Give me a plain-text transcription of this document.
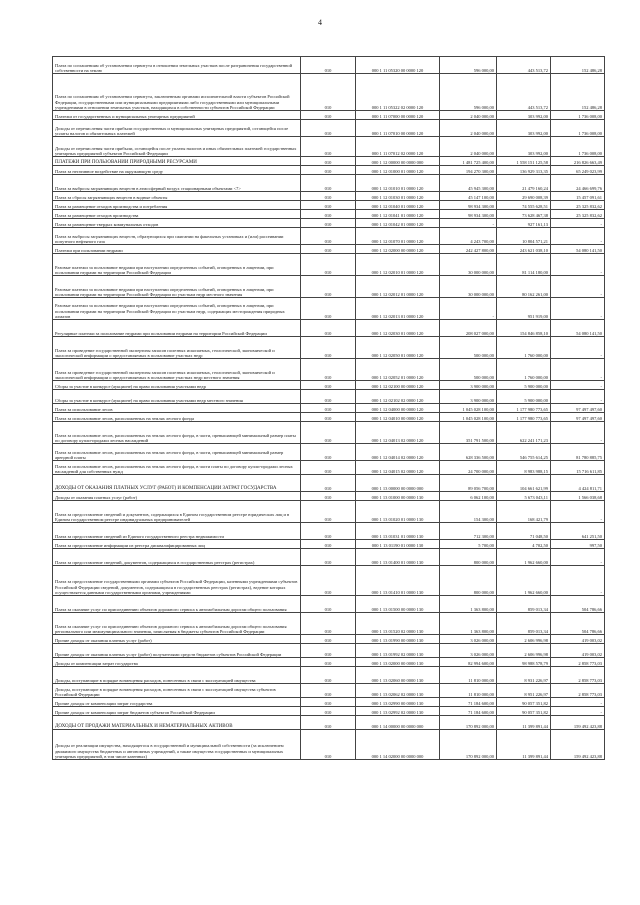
4
Плата по соглашениям об установлении сервитута в отношении земельных участков после разграничения государственной собственности на землю	010	000 1 11 05320 00 0000 120	596 000,00	443 513,72	152 486,28
Плата по соглашениям об установлении сервитута, заключенным органами исполнительной власти субъектов Российской Федерации, государственными или муниципальными предприятиями либо государственными или муниципальными учреждениями в отношении земельных участков, находящихся в собственности субъектов Российской Федерации	010	000 1 11 05322 02 0000 120	596 000,00	443 513,72	152 486,28
Платежи от государственных и муниципальных унитарных предприятий	010	000 1 11 07000 00 0000 120	2 040 000,00	303 992,00	1 736 008,00
Доходы от перечисления части прибыли государственных и муниципальных унитарных предприятий, остающейся после уплаты налогов и обязательных платежей	010	000 1 11 07010 00 0000 120	2 040 000,00	303 992,00	1 736 008,00
Доходы от перечисления части прибыли, остающейся после уплаты налогов и иных обязательных платежей государственных унитарных предприятий субъектов Российской Федерации	010	000 1 11 07012 02 0000 120	2 040 000,00	303 992,00	1 736 008,00
ПЛАТЕЖИ ПРИ ПОЛЬЗОВАНИИ ПРИРОДНЫМИ РЕСУРСАМИ	010	000 1 12 00000 00 0000 000	1 481 725 400,00	1 558 151 125,58	216 826 663,49
Плата за негативное воздействие на окружающую среду	010	000 1 12 01000 01 0000 120	194 270 300,00	136 929 313,35	65 249 023,99
Плата за выбросы загрязняющих веществ в атмосферный воздух стационарными объектами <7>	010	000 1 12 01010 01 0000 120	45 945 300,00	21 479 160,24	24 466 699,76
Плата за сбросы загрязняющих веществ в водные объекты	010	000 1 12 01030 01 0000 120	45 147 100,00	29 690 008,39	15 457 091,61
Плата за размещение отходов производства и потребления	010	000 1 12 01040 01 0000 120	98 934 300,00	74 555 628,51	25 325 832,62
Плата за размещение отходов производства	010	000 1 12 01041 01 0000 120	98 934 300,00	73 628 467,38	25 325 832,62
Плата за размещение твердых коммунальных отходов	010	000 1 12 01042 01 0000 120	-	927 161,13	-
Плата за выбросы загрязняющих веществ, образующихся при сжигании на факельных установках и (или) рассеивании попутного нефтяного газа	010	000 1 12 01070 01 0000 120	4 243 700,00	10 804 571,21	-
Платежи при пользовании недрами	010	000 1 12 02000 00 0000 120	242 427 800,00	243 621 038,10	54 080 141,50
Разовые платежи за пользование недрами при наступлении определенных событий, оговоренных в лицензии, при пользовании недрами на территории Российской Федерации	010	000 1 12 02010 01 0000 120	30 000 000,00	81 114 180,00	-
Разовые платежи за пользование недрами при наступлении определенных событий, оговоренных в лицензии, при пользовании недрами на территории Российской Федерации по участкам недр местного значения	010	000 1 12 02012 01 0000 120	30 000 000,00	80 162 261,00	-
Разовые платежи за пользование недрами при наступлении определенных событий, оговоренных в лицензии, при пользовании недрами на территории Российской Федерации по участкам недр, содержащих месторождения природных алмазов	010	000 1 12 02013 01 0000 120	-	951 919,00	-
Регулярные платежи за пользование недрами при пользовании недрами на территории Российской Федерации	010	000 1 12 02030 01 0000 120	208 027 000,00	154 846 858,10	54 080 141,50
Плата за проведение государственной экспертизы запасов полезных ископаемых, геологической, экономической и экологической информации о предоставляемых в пользование участках недр	010	000 1 12 02050 01 0000 120	500 000,00	1 760 000,00	-
Плата за проведение государственной экспертизы запасов полезных ископаемых, геологической, экономической и экологической информации о предоставляемых в пользование участках недр местного значения	010	000 1 12 02052 01 0000 120	500 000,00	1 760 000,00	-
Сборы за участие в конкурсе (аукционе) на право пользования участками недр	010	000 1 12 02100 00 0000 120	3 900 000,00	5 900 000,00	-
Сборы за участие в конкурсе (аукционе) на право пользования участками недр местного значения	010	000 1 12 02102 02 0000 120	3 900 000,00	5 900 000,00	-
Плата за использование лесов	010	000 1 12 04000 00 0000 120	1 045 028 100,00	1 177 980 773,65	97 497 497,60
Плата за использование лесов, расположенных на землях лесного фонда	010	000 1 12 04010 00 0000 120	1 045 028 100,00	1 177 980 773,65	97 497 497,60
Плата за использование лесов, расположенных на землях лесного фонда, в части, превышающей минимальный размер платы по договору купли-продажи лесных насаждений	010	000 1 12 04013 02 0000 120	351 791 500,00	622 241 171,23	-
Плата за использование лесов, расположенных на землях лесного фонда, в части, превышающей минимальный размер арендной платы	010	000 1 12 04014 02 0000 120	628 336 500,00	546 755 614,25	81 780 885,75
Плата за использование лесов, расположенных на землях лесного фонда, в части платы по договору купли-продажи лесных насаждений для собственных нужд	010	000 1 12 04015 02 0000 120	24 700 000,00	8 983 988,15	15 716 611,85
ДОХОДЫ ОТ ОКАЗАНИЯ ПЛАТНЫХ УСЛУГ (РАБОТ) И КОМПЕНСАЦИИ ЗАТРАТ ГОСУДАРСТВА	010	000 1 13 00000 00 0000 000	89 056 700,00	104 661 621,99	4 424 811,71
Доходы от оказания платных услуг (работ)	010	000 1 13 01000 00 0000 130	6 062 100,00	5 673 043,11	1 566 038,68
Плата за предоставление сведений и документов, содержащихся в Едином государственном реестре юридических лиц и в Едином государственном реестре индивидуальных предпринимателей	010	000 1 13 01020 01 0000 130	154 300,00	168 421,79	-
Плата за предоставление сведений из Единого государственного реестра недвижимости	010	000 1 13 01031 01 0000 130	712 300,00	71 048,50	641 251,50
Плата за предоставление информации из реестра дисквалифицированных лиц	010	000 1 13 01190 01 0000 130	5 700,00	4 702,50	997,50
Плата за предоставление сведений, документов, содержащихся в государственных реестрах (регистрах)	010	000 1 13 01400 01 0000 130	800 000,00	1 962 660,00	-
Плата за предоставление государственными органами субъектов Российской Федерации, казенными учреждениями субъектов Российской Федерации сведений, документов, содержащихся в государственных реестрах (регистрах), ведение которых осуществляется данными государственными органами, учреждениями	010	000 1 13 01410 01 0000 130	800 000,00	1 962 660,00	-
Плата за оказание услуг по присоединению объектов дорожного сервиса к автомобильным дорогам общего пользования	010	000 1 13 01500 00 0000 130	1 363 800,00	859 013,34	504 786,66
Плата за оказание услуг по присоединению объектов дорожного сервиса к автомобильным дорогам общего пользования регионального или межмуниципального значения, зачисляемая в бюджеты субъектов Российской Федерации	010	000 1 13 01520 02 0000 130	1 363 800,00	859 013,34	504 786,66
Прочие доходы от оказания платных услуг (работ)	010	000 1 13 01990 00 0000 130	3 026 000,00	2 606 996,98	419 003,02
Прочие доходы от оказания платных услуг (работ) получателями средств бюджетов субъектов Российской Федерации	010	000 1 13 01992 02 0000 130	3 026 000,00	2 606 996,98	419 003,02
Доходы от компенсации затрат государства	010	000 1 13 02000 00 0000 130	82 994 600,00	98 988 578,79	2 858 773,03
Доходы, поступающие в порядке возмещения расходов, понесенных в связи с эксплуатацией имущества	010	000 1 13 02060 00 0000 130	11 810 000,00	8 931 226,97	2 858 773,03
Доходы, поступающие в порядке возмещения расходов, понесенных в связи с эксплуатацией имущества субъектов Российской Федерации	010	000 1 13 02062 02 0000 130	11 810 000,00	8 951 226,97	2 858 773,03
Прочие доходы от компенсации затрат государства	010	000 1 13 02990 00 0000 130	71 184 600,00	90 057 351,82	-
Прочие доходы от компенсации затрат бюджетов субъектов Российской Федерации	010	000 1 13 02992 02 0000 130	71 184 600,00	90 057 351,82	-
ДОХОДЫ ОТ ПРОДАЖИ МАТЕРИАЛЬНЫХ И НЕМАТЕРИАЛЬНЫХ АКТИВОВ	010	000 1 14 00000 00 0000 000	170 892 000,00	11 399 891,44	159 492 423,88
Доходы от реализации имущества, находящегося в государственной и муниципальной собственности (за исключением движимого имущества бюджетных и автономных учреждений, а также имущества государственных и муниципальных унитарных предприятий, в том числе казенных)	010	000 1 14 02000 00 0000 000	170 892 000,00	11 399 891,44	159 492 423,88
